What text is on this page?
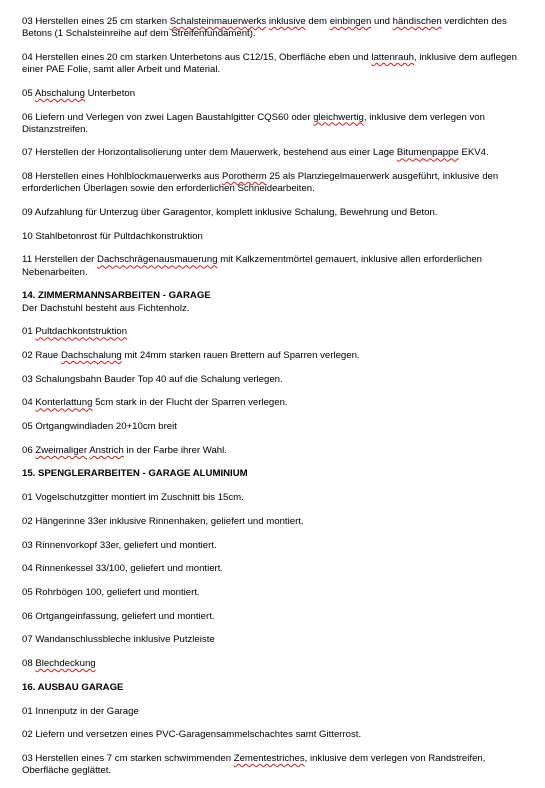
03 Herstellen eines 25 cm starken Schalsteinmauerwerks inklusive dem einbingen und händischen verdichten des Betons (1 Schalsteinreihe auf dem Streifenfundament).

04 Herstellen eines 20 cm starken Unterbetons aus C12/15, Oberfläche eben und lattenrauh, inklusive dem auflegen einer PAE Folie, samt aller Arbeit und Material.

05 Abschalung Unterbeton

06 Liefern und Verlegen von zwei Lagen Baustahlgitter CQS60 oder gleichwertig, inklusive dem verlegen von Distanzstreifen.

07 Herstellen der Horizontalisolierung unter dem Mauerwerk, bestehend aus einer Lage Bitumenpappe EKV4.

08 Herstellen eines Hohlblockmauerwerks aus Porotherm 25 als Planziegelmauerwerk ausgeführt, inklusive den erforderlichen Überlagen sowie den erforderlichen Schneidearbeiten.

09 Aufzahlung für Unterzug über Garagentor, komplett inklusive Schalung, Bewehrung und Beton.

10 Stahlbetonrost für Pultdachkonstruktion

11 Herstellen der Dachschrägenausmauerung mit Kalkzementmörtel gemauert, inklusive allen erforderlichen Nebenarbeiten.

14. ZIMMERMANNSARBEITEN - GARAGE

Der Dachstuhl besteht aus Fichtenholz.

01 Pultdachkontstruktion

02 Raue Dachschalung mit 24mm starken rauen Brettern auf Sparren verlegen.

03 Schalungsbahn Bauder Top 40 auf die Schalung verlegen.

04 Konterlattung 5cm stark in der Flucht der Sparren verlegen.

05 Ortgangwindladen 20+10cm breit

06 Zweimaliger Anstrich in der Farbe ihrer Wahl.

15. SPENGLERARBEITEN - GARAGE ALUMINIUM

01 Vogelschutzgitter montiert im Zuschnitt bis 15cm.

02 Hängerinne 33er inklusive Rinnenhaken, geliefert und montiert.

03 Rinnenvorkopf 33er, geliefert und montiert.

04 Rinnenkessel 33/100, geliefert und montiert.

05 Rohrbögen 100, geliefert und montiert.

06 Ortgangeinfassung, geliefert und montiert.

07 Wandanschlussbleche inklusive Putzleiste

08 Blechdeckung

16. AUSBAU GARAGE

01 Innenputz in der Garage

02 Liefern und versetzen eines PVC-Garagensammelschachtes samt Gitterrost.

03 Herstellen eines 7 cm starken schwimmenden Zementestriches, inklusive dem verlegen von Randstreifen, Oberfläche geglättet.
